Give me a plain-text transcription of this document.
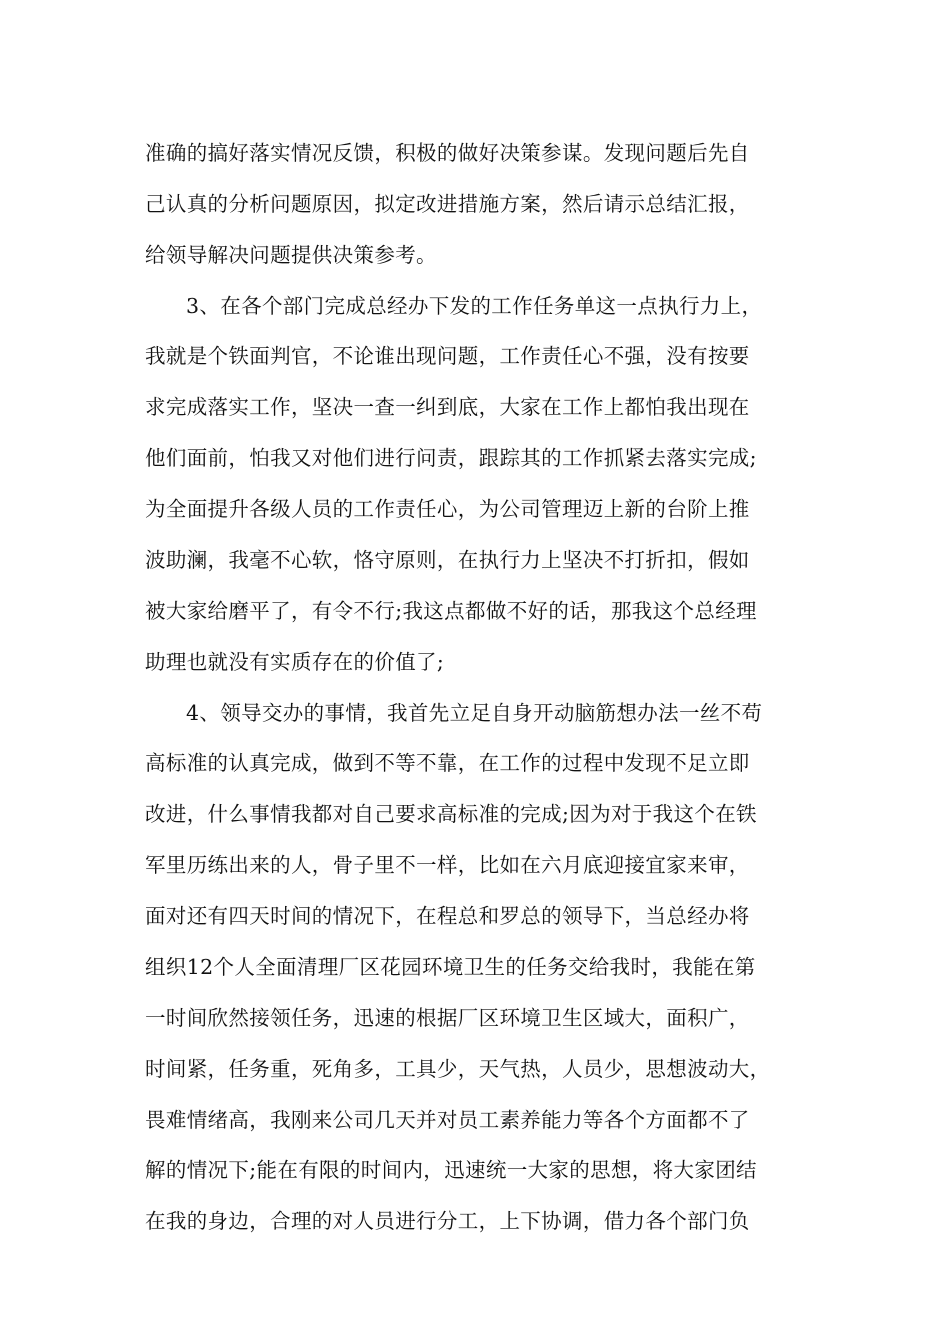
准确的搞好落实情况反馈，积极的做好决策参谋。发现问题后先自
己认真的分析问题原因，拟定改进措施方案，然后请示总结汇报，
给领导解决问题提供决策参考。
3、在各个部门完成总经办下发的工作任务单这一点执行力上，
我就是个铁面判官，不论谁出现问题，工作责任心不强，没有按要
求完成落实工作，坚决一查一纠到底，大家在工作上都怕我出现在
他们面前，怕我又对他们进行问责，跟踪其的工作抓紧去落实完成;
为全面提升各级人员的工作责任心，为公司管理迈上新的台阶上推
波助澜，我毫不心软，恪守原则，在执行力上坚决不打折扣，假如
被大家给磨平了，有令不行;我这点都做不好的话，那我这个总经理
助理也就没有实质存在的价值了;
4、领导交办的事情，我首先立足自身开动脑筋想办法一丝不苟
高标准的认真完成，做到不等不靠，在工作的过程中发现不足立即
改进，什么事情我都对自己要求高标准的完成;因为对于我这个在铁
军里历练出来的人，骨子里不一样，比如在六月底迎接宜家来审，
面对还有四天时间的情况下，在程总和罗总的领导下，当总经办将
组织12个人全面清理厂区花园环境卫生的任务交给我时，我能在第
一时间欣然接领任务，迅速的根据厂区环境卫生区域大，面积广，
时间紧，任务重，死角多，工具少，天气热，人员少，思想波动大，
畏难情绪高，我刚来公司几天并对员工素养能力等各个方面都不了
解的情况下;能在有限的时间内，迅速统一大家的思想，将大家团结
在我的身边，合理的对人员进行分工，上下协调，借力各个部门负
